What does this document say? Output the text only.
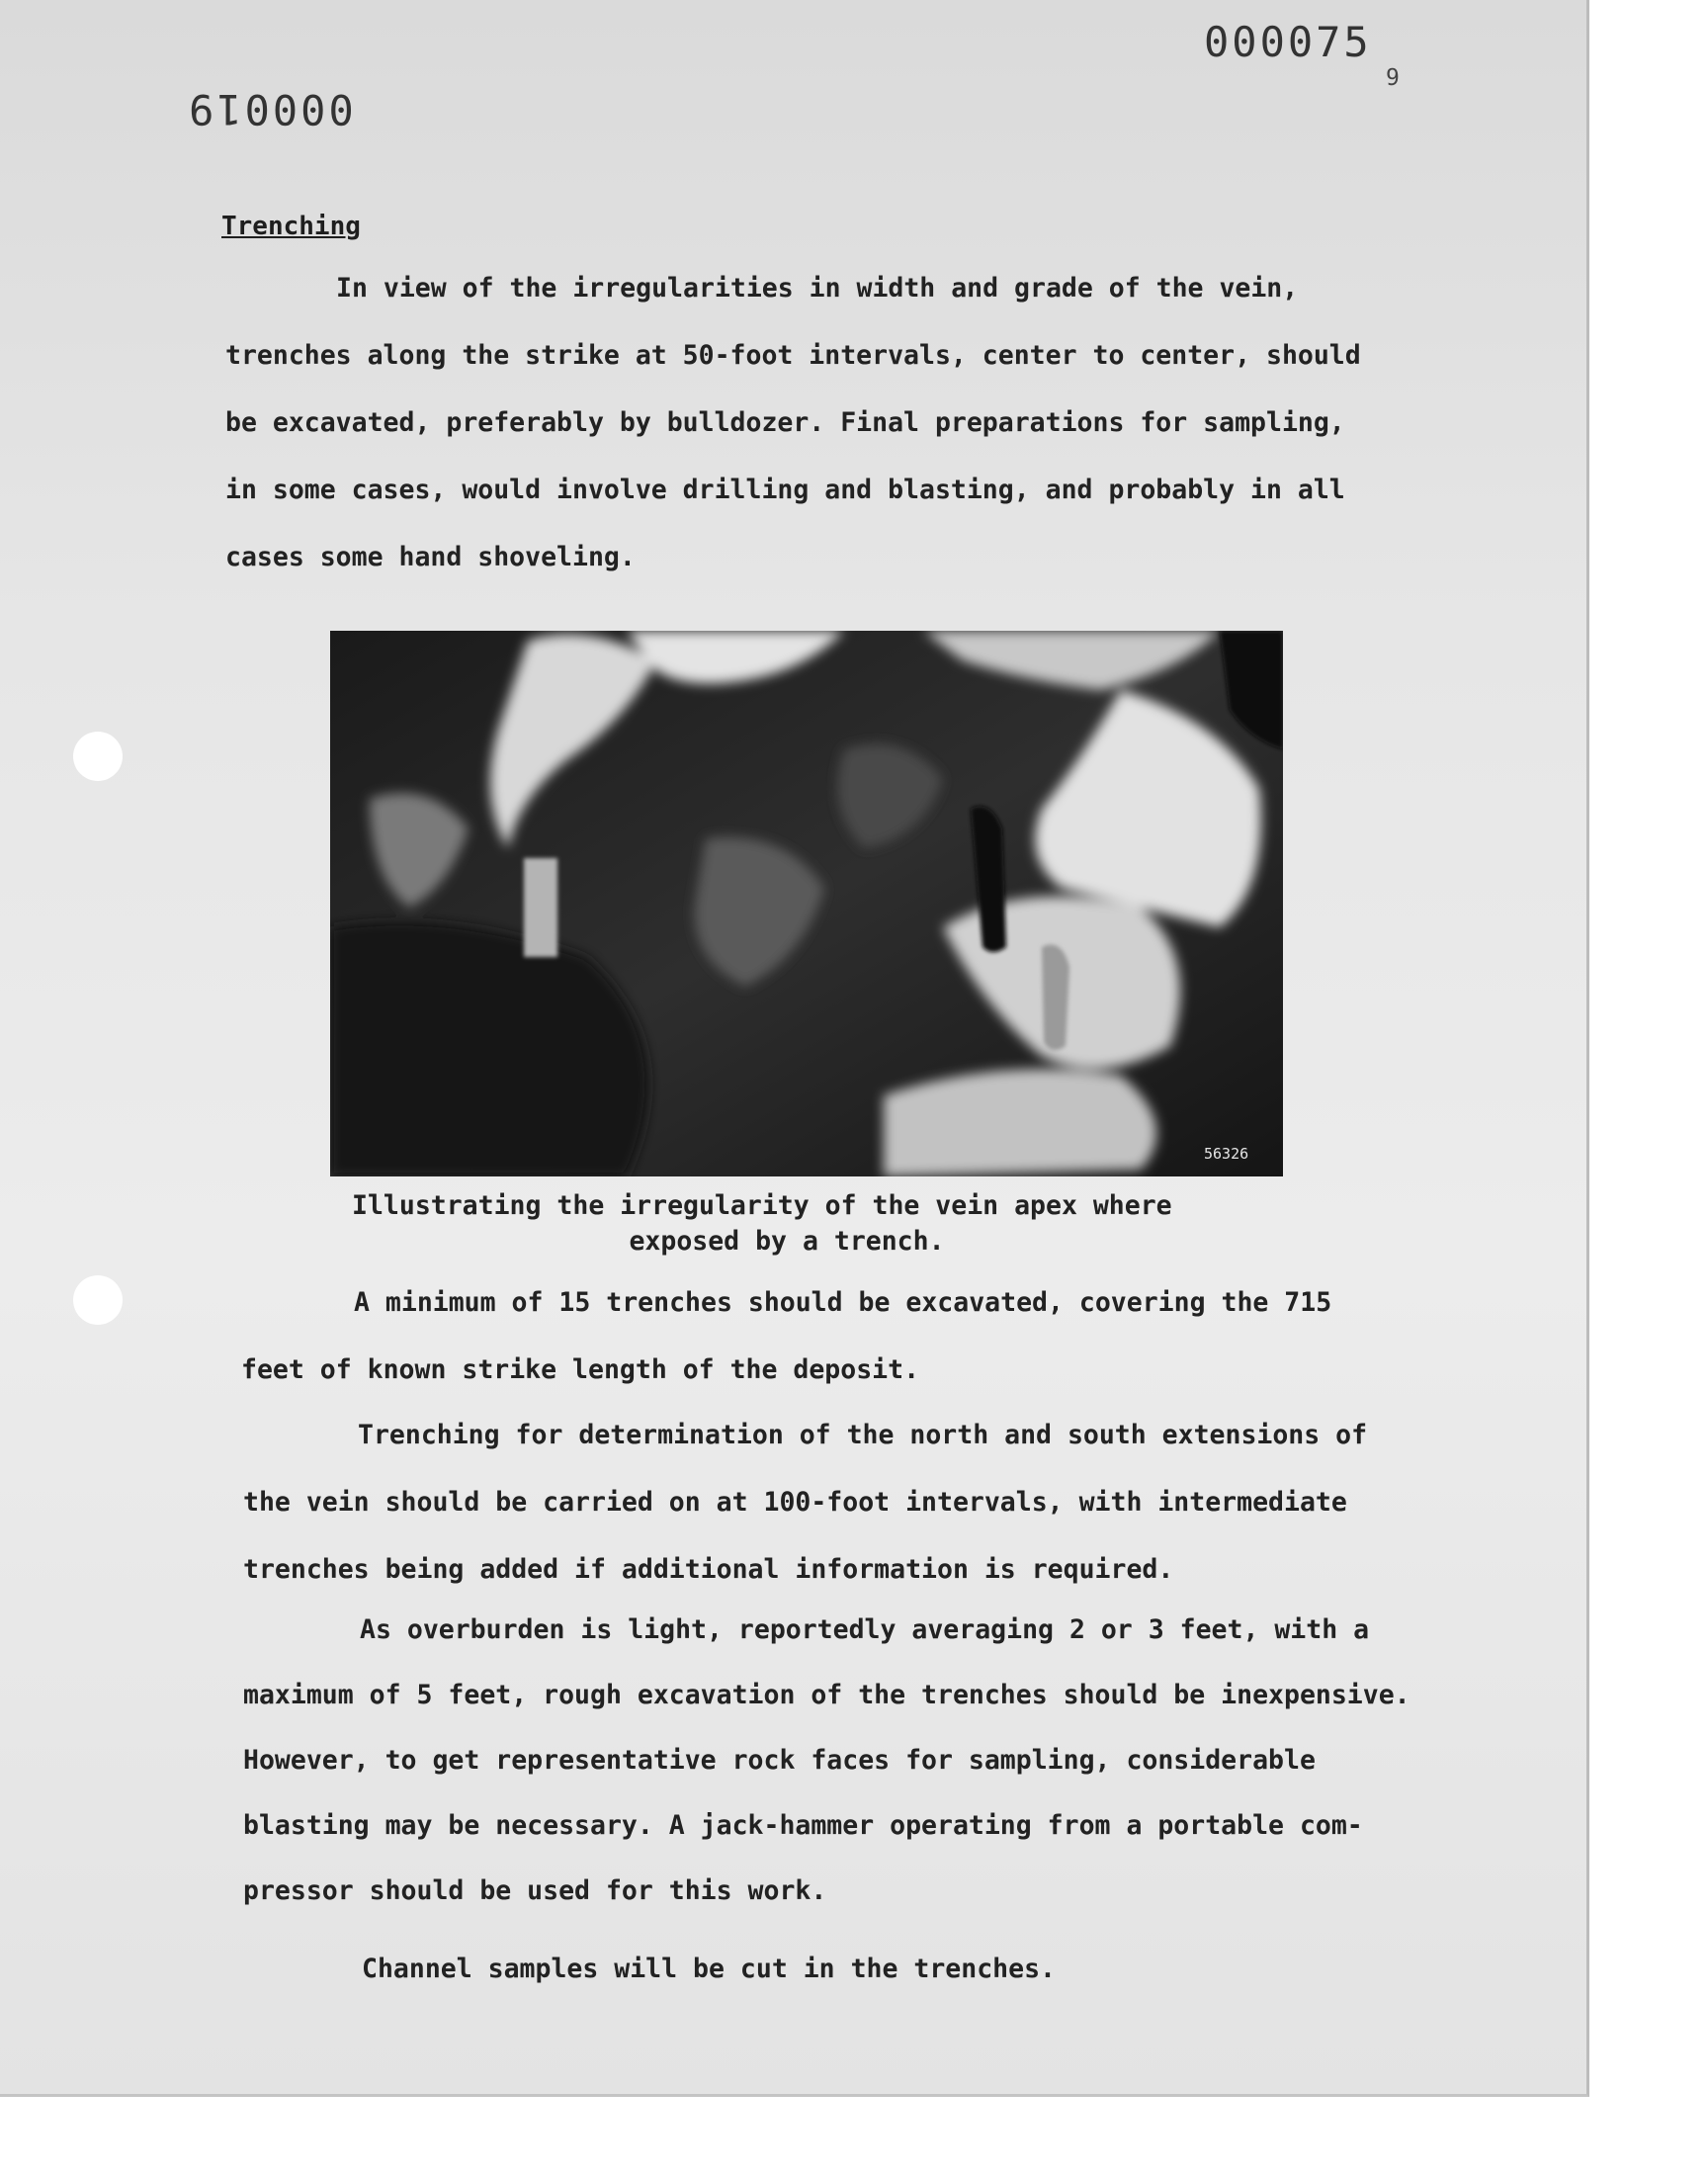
000075
000019
9
Trenching
In view of the irregularities in width and grade of the vein,
trenches along the strike at 50-foot intervals, center to center, should
be excavated, preferably by bulldozer. Final preparations for sampling,
in some cases, would involve drilling and blasting, and probably in all
cases some hand shoveling.
56326
Illustrating the irregularity of the vein apex where
exposed by a trench.
A minimum of 15 trenches should be excavated, covering the 715
feet of known strike length of the deposit.
Trenching for determination of the north and south extensions of
the vein should be carried on at 100-foot intervals, with intermediate
trenches being added if additional information is required.
As overburden is light, reportedly averaging 2 or 3 feet, with a
maximum of 5 feet, rough excavation of the trenches should be inexpensive.
However, to get representative rock faces for sampling, considerable
blasting may be necessary. A jack-hammer operating from a portable com-
pressor should be used for this work.
Channel samples will be cut in the trenches.
